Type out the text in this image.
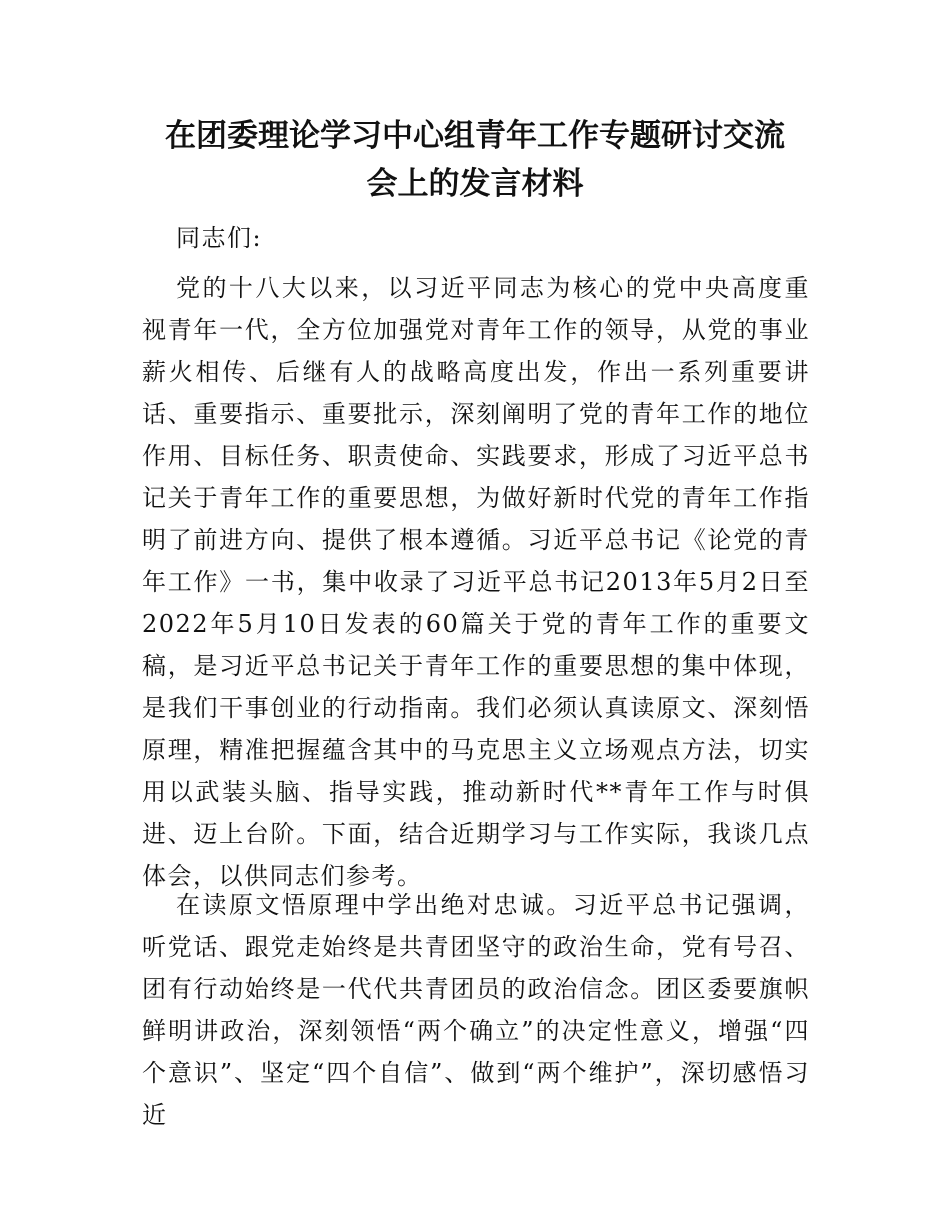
在团委理论学习中心组青年工作专题研讨交流
会上的发言材料
同志们:

党的十八大以来，以习近平同志为核心的党中央高度重视青年一代，全方位加强党对青年工作的领导，从党的事业薪火相传、后继有人的战略高度出发，作出一系列重要讲话、重要指示、重要批示，深刻阐明了党的青年工作的地位作用、目标任务、职责使命、实践要求，形成了习近平总书记关于青年工作的重要思想，为做好新时代党的青年工作指明了前进方向、提供了根本遵循。习近平总书记《论党的青年工作》一书，集中收录了习近平总书记2013年5月2日至2022年5月10日发表的60篇关于党的青年工作的重要文稿，是习近平总书记关于青年工作的重要思想的集中体现，是我们干事创业的行动指南。我们必须认真读原文、深刻悟原理，精准把握蕴含其中的马克思主义立场观点方法，切实用以武装头脑、指导实践，推动新时代**青年工作与时俱进、迈上台阶。下面，结合近期学习与工作实际，我谈几点体会，以供同志们参考。

在读原文悟原理中学出绝对忠诚。习近平总书记强调，听党话、跟党走始终是共青团坚守的政治生命，党有号召、团有行动始终是一代代共青团员的政治信念。团区委要旗帜鲜明讲政治，深刻领悟“两个确立”的决定性意义，增强“四个意识”、坚定“四个自信”、做到“两个维护”，深切感悟习近
